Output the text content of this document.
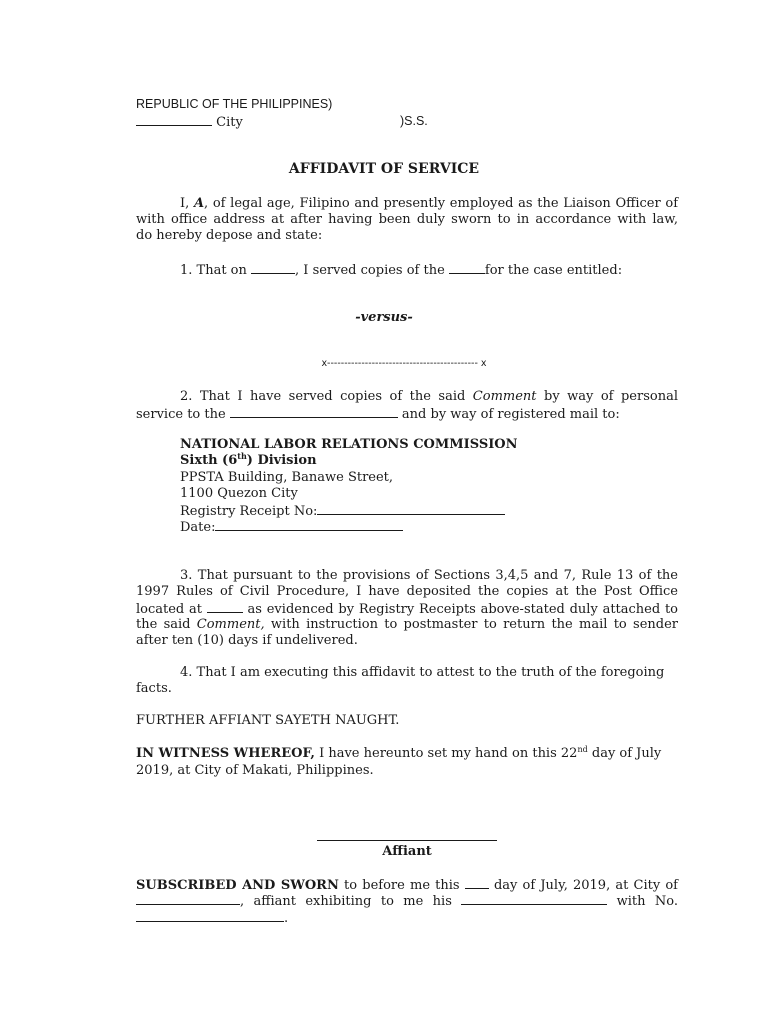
REPUBLIC OF THE PHILIPPINES)
City	)S.S.
AFFIDAVIT OF SERVICE
I, A, of legal age, Filipino and presently employed as the Liaison Officer of
with office address at after having been duly sworn to in accordance with law,
do hereby depose and state:
1. That on	, I served copies of the	for the case entitled:
-versus-
x-------------------------------------------- x
2. That I have served copies of the said Comment by way of personal
service to the	and by way of registered mail to:
NATIONAL LABOR RELATIONS COMMISSION
Sixth (6th) Division
PPSTA Building, Banawe Street,
1100 Quezon City
Registry Receipt No:
Date:
3. That pursuant to the provisions of Sections 3,4,5 and 7, Rule 13 of the
1997 Rules of Civil Procedure, I have deposited the copies at the Post Office
located at	as evidenced by Registry Receipts above-stated duly attached to
the said Comment, with instruction to postmaster to return the mail to sender
after ten (10) days if undelivered.
4. That I am executing this affidavit to attest to the truth of the foregoing
facts.
FURTHER AFFIANT SAYETH NAUGHT.
IN WITNESS WHEREOF, I have hereunto set my hand on this 22nd day of July
2019, at City of Makati, Philippines.
Affiant
SUBSCRIBED AND SWORN to before me this  day of July, 2019, at City of
, affiant exhibiting to me his	with No.
.
